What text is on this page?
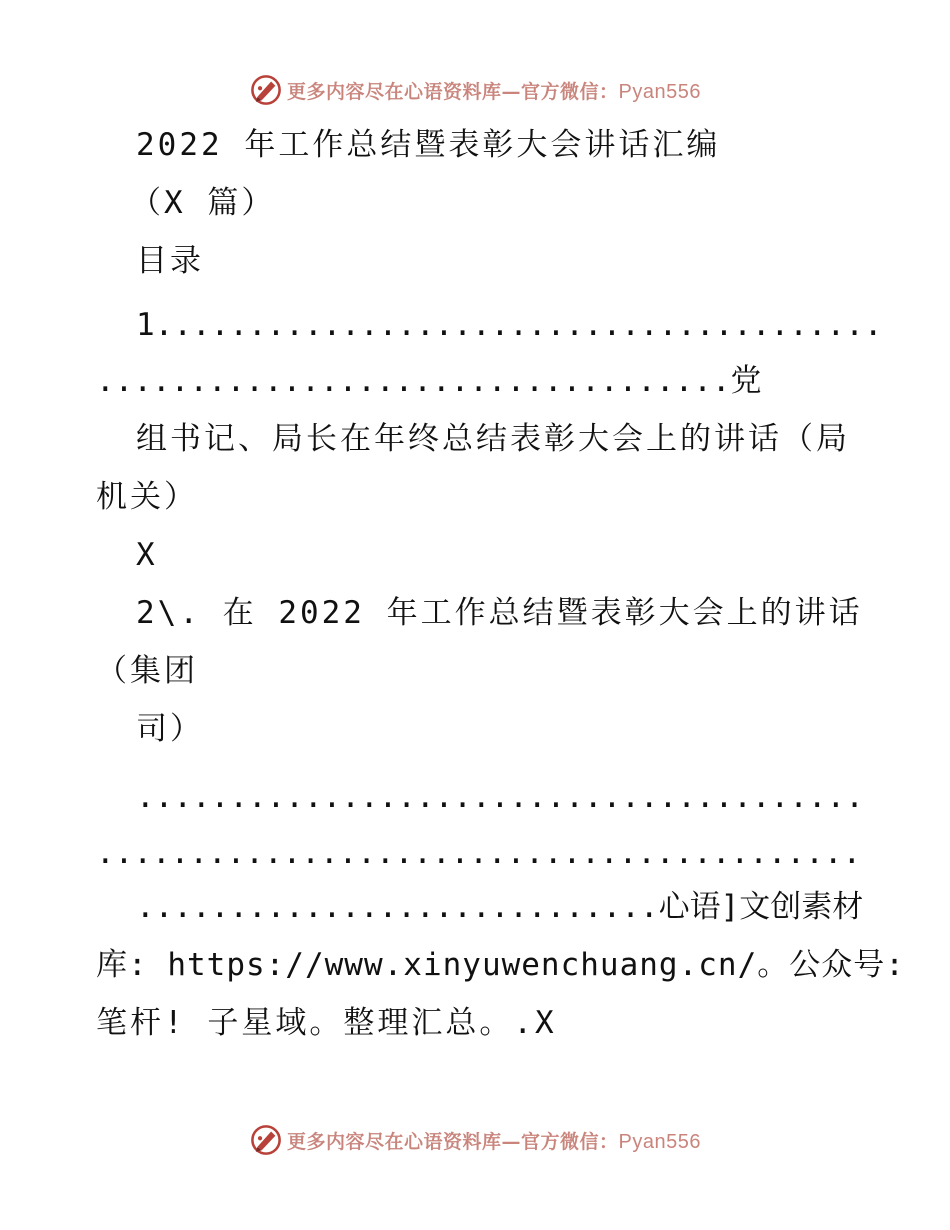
更多内容尽在心语资料库—官方微信：Pyan556
2022 年工作总结暨表彰大会讲话汇编
（X 篇）
目录
1.......................................
..................................党
组书记、局长在年终总结表彰大会上的讲话（局
机关）
X
2\. 在 2022 年工作总结暨表彰大会上的讲话
（集团
司）
.......................................
.........................................
............................心语]文创素材
库: https://www.xinyuwenchuang.cn/。公众号:
笔杆! 子星域。整理汇总。.X
更多内容尽在心语资料库—官方微信：Pyan556
